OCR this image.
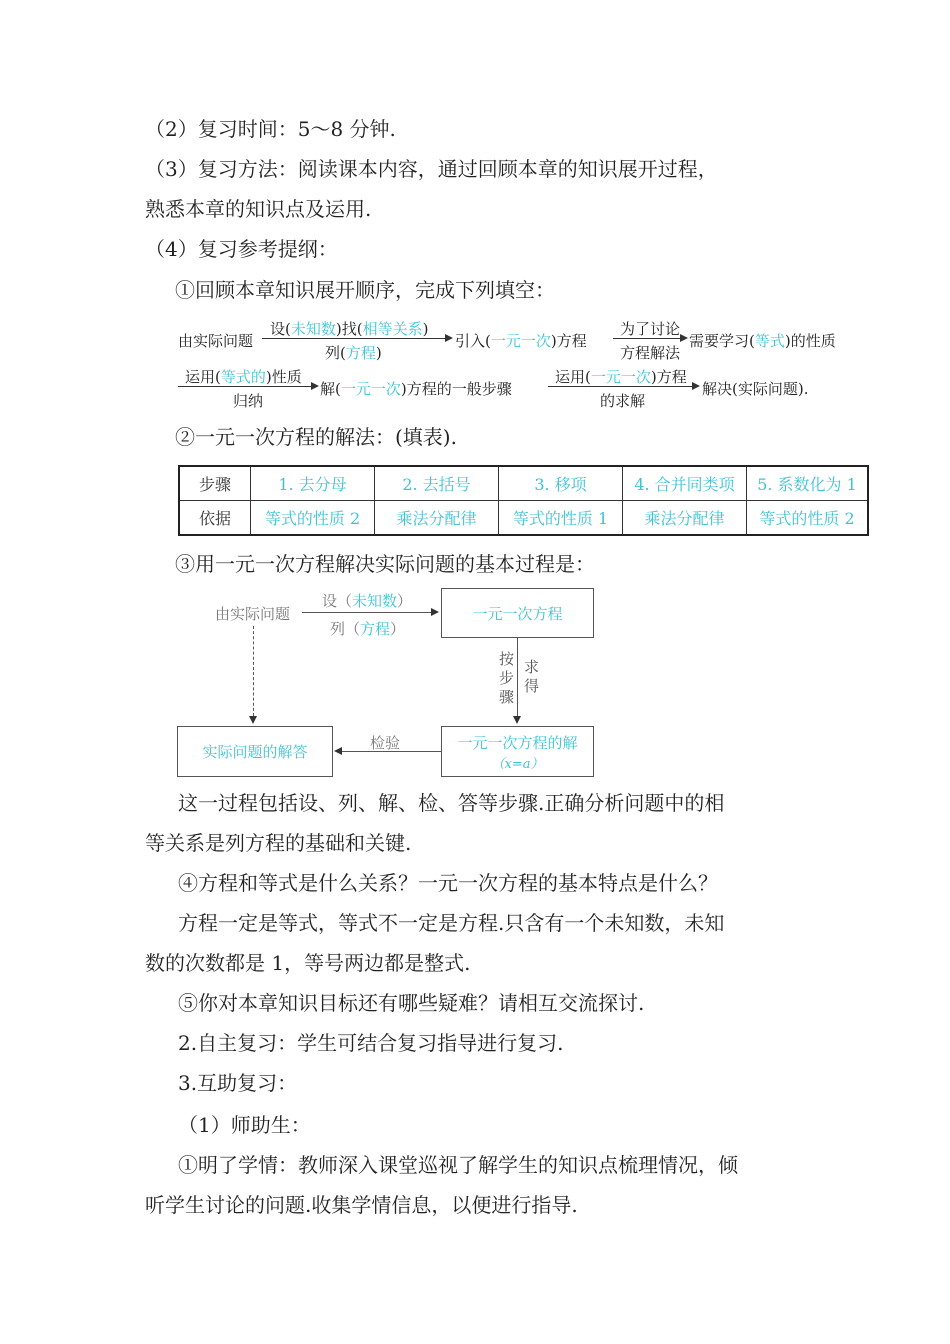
（2）复习时间：5～8 分钟.
（3）复习方法：阅读课本内容，通过回顾本章的知识展开过程，
熟悉本章的知识点及运用.
（4）复习参考提纲：
①回顾本章知识展开顺序，完成下列填空：
由实际问题
设(未知数)找(相等关系)
列(方程)
引入(一元一次)方程
为了讨论
方程解法
需要学习(等式)的性质
运用(等式的)性质
归纳
解(一元一次)方程的一般步骤
运用(一元一次)方程
的求解
解决(实际问题).
②一元一次方程的解法：(填表).
步骤	1. 去分母	2. 去括号	3. 移项	4. 合并同类项	5. 系数化为 1
依据	等式的性质 2	乘法分配律	等式的性质 1	乘法分配律	等式的性质 2
③用一元一次方程解决实际问题的基本过程是：
由实际问题
设（未知数）
列（方程）
一元一次方程
按步骤
求得
一元一次方程的解
（x=a）
检验
实际问题的解答
这一过程包括设、列、解、检、答等步骤.正确分析问题中的相
等关系是列方程的基础和关键.
④方程和等式是什么关系？一元一次方程的基本特点是什么？
方程一定是等式，等式不一定是方程.只含有一个未知数，未知
数的次数都是 1，等号两边都是整式.
⑤你对本章知识目标还有哪些疑难？请相互交流探讨.
2.自主复习：学生可结合复习指导进行复习.
3.互助复习：
（1）师助生：
①明了学情：教师深入课堂巡视了解学生的知识点梳理情况，倾
听学生讨论的问题.收集学情信息，以便进行指导.
